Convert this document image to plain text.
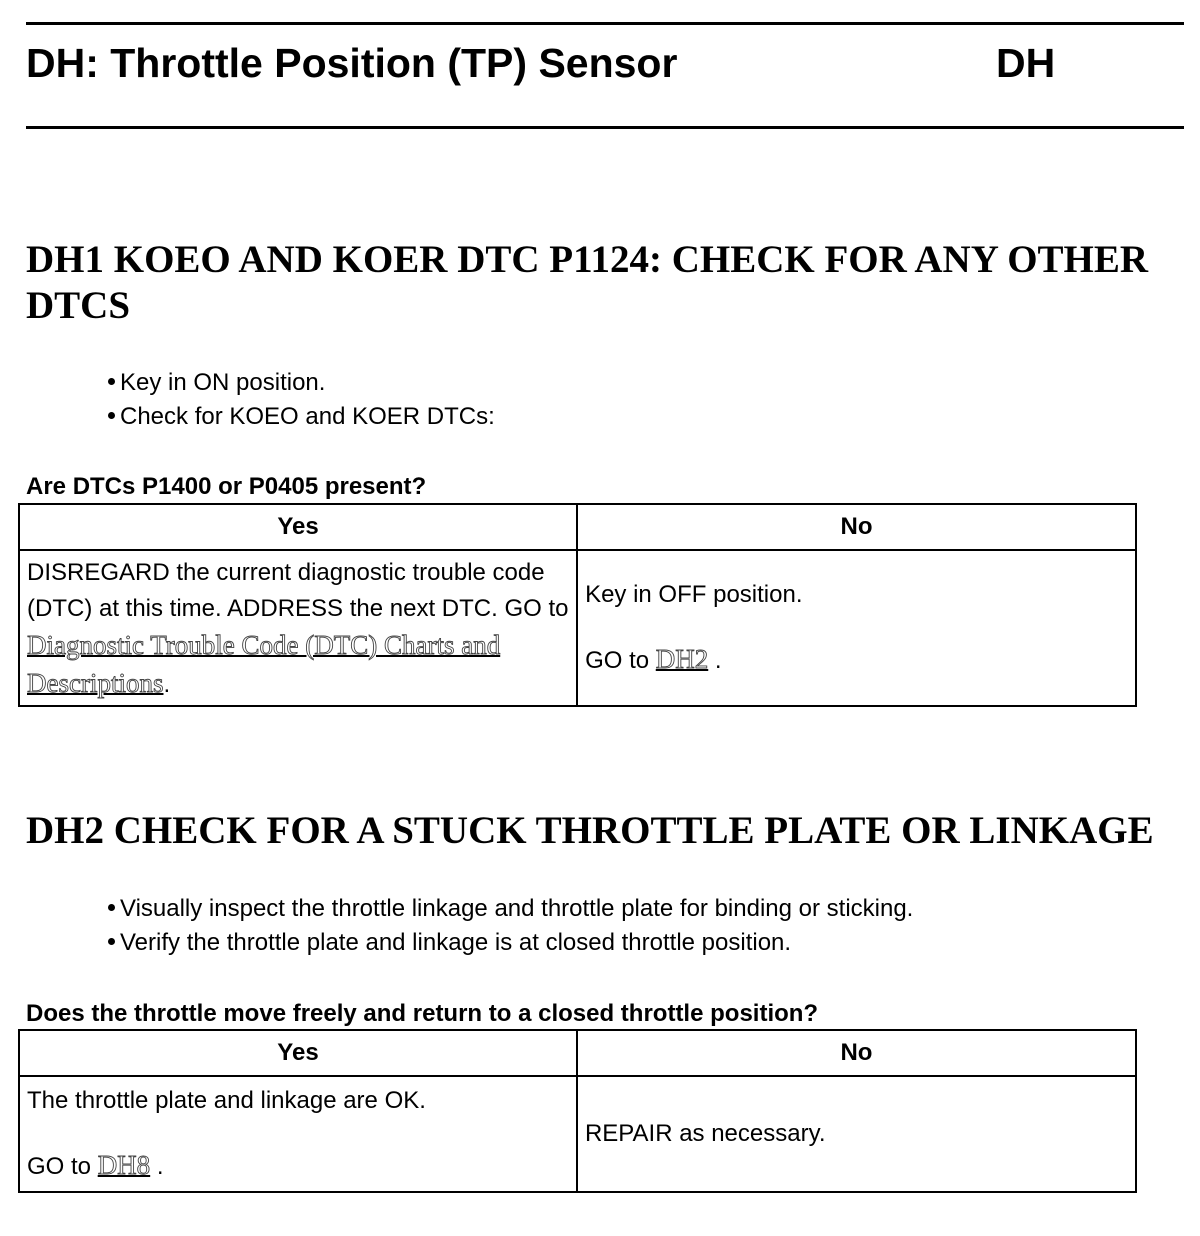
DH: Throttle Position (TP) Sensor	DH
DH1 KOEO AND KOER DTC P1124: CHECK FOR ANY OTHER
DTCS
Key in ON position.
Check for KOEO and KOER DTCs:
Are DTCs P1400 or P0405 present?
Yes	No
DISREGARD the current diagnostic trouble code (DTC) at this time. ADDRESS the next DTC. GO to Diagnostic Trouble Code (DTC) Charts and Descriptions.	Key in OFF position.
GO to DH2 .
DH2 CHECK FOR A STUCK THROTTLE PLATE OR LINKAGE
Visually inspect the throttle linkage and throttle plate for binding or sticking.
Verify the throttle plate and linkage is at closed throttle position.
Does the throttle move freely and return to a closed throttle position?
Yes	No

The throttle plate and linkage are OK.
GO to DH8 .	REPAIR as necessary.
